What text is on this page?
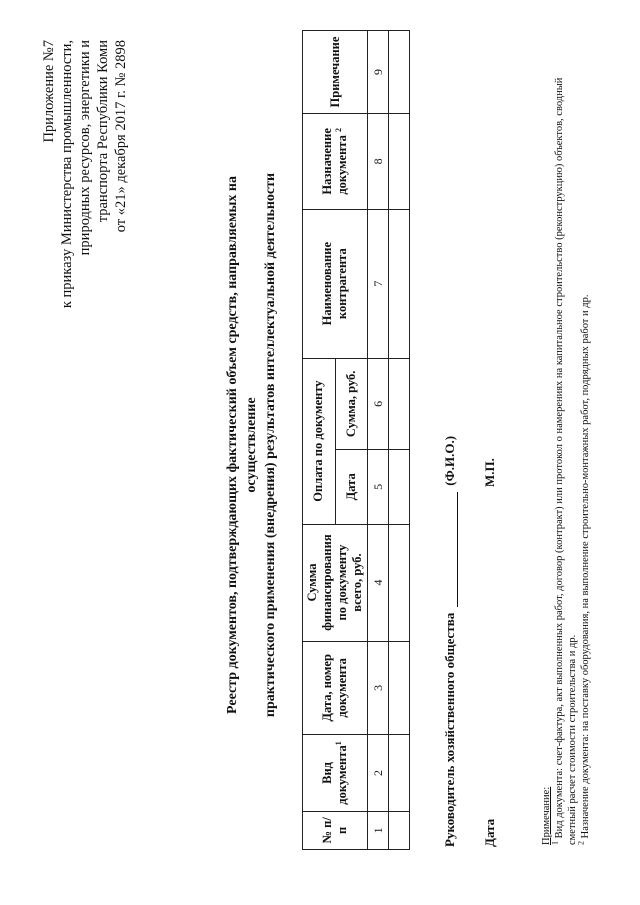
Приложение №7 к приказу Министерства промышленности, природных ресурсов, энергетики и транспорта Республики Коми от «21» декабря 2017 г. № 2898
Реестр документов, подтверждающих фактический объем средств, направляемых на осуществление практического применения (внедрения) результатов интеллектуальной деятельности
№ п/п	Вид документа$^1$	Дата, номер документа	Сумма финансирования по документу всего, руб.	Оплата по документу		Наименование контрагента	Назначение документа $^2$	Примечание
				Дата	Сумма, руб.			
1	2	3	4	5	6	7	8	9

Руководитель хозяйственного общества(Ф.И.О.)
Дата
М.П.
Примечание:
$^1$ Вид документа: счет-фактура, акт выполненных работ, договор (контракт) или протокол о намерениях на капитальное строительство (реконструкцию) объектов, сводный сметный расчет стоимости строительства и др.
$^2$ Назначение документа: на поставку оборудования, на выполнение строительно-монтажных работ, подрядных работ и др.
